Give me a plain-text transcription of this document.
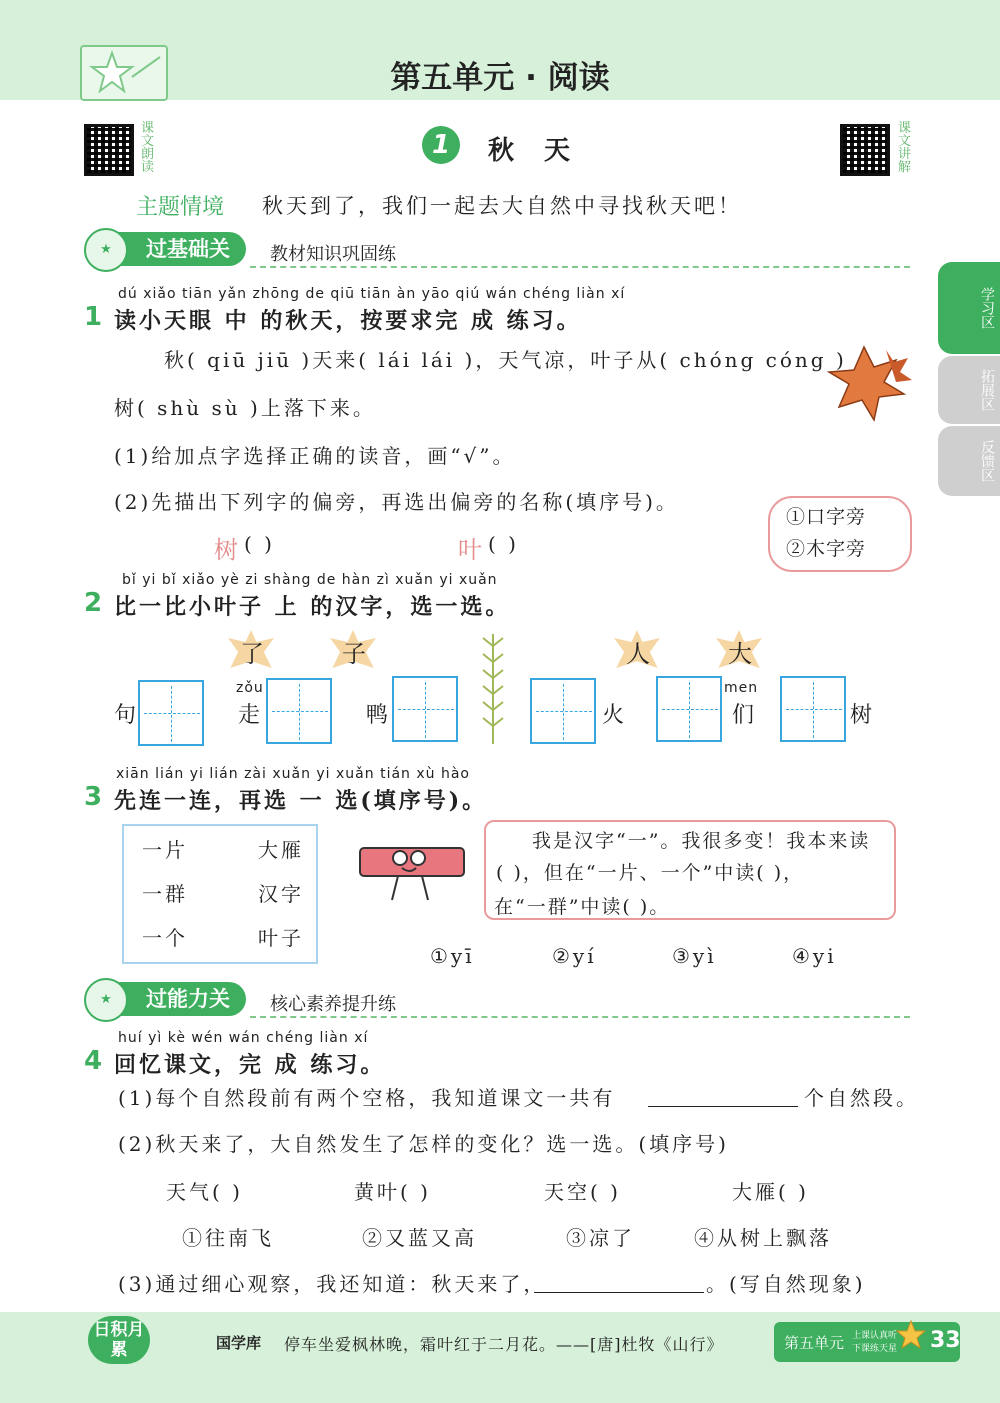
第五单元 · 阅读
课文朗读
课文讲解
1	秋天
主题情境 秋天到了，我们一起去大自然中寻找秋天吧！
学习区
拓展区
反馈区
过基础关
★	教材知识巩固练
dú xiǎo tiān yǎn zhōng de qiū tiān àn yāo qiú wán chéng liàn xí
1 读小天眼 中 的秋天，按要求完 成 练习。
秋( qiū jiū )天来( lái lái )，天气凉，叶子从( chóng cóng )
树( shù sù )上落下来。
(1)给加点字选择正确的读音，画“√”。
(2)先描出下列字的偏旁，再选出偏旁的名称(填序号)。
树 ( )	叶 ( )
①口字旁
②木字旁
bǐ yi bǐ xiǎo yè zi shàng de hàn zì xuǎn yi xuǎn
2 比一比小叶子 上 的汉字，选一选。
了	子	人	大
句
zǒu
走	鸭	火
men
们	树
xiān lián yi lián zài xuǎn yi xuǎn tián xù hào
3 先连一连，再选 一 选(填序号)。
一片
一群
一个
大雁
汉字
叶子
我是汉字“一”。我很多变！我本来读
( )，但在“一片、一个”中读( )，
在“一群”中读( )。
①yī	②yí	③yì	④yi
过能力关
★	核心素养提升练
huí yì kè wén wán chéng liàn xí
4 回忆课文，完 成 练习。
(1)每个自然段前有两个空格，我知道课文一共有	个自然段。
(2)秋天来了，大自然发生了怎样的变化？选一选。(填序号)
天气( )	黄叶( )	天空( )	大雁( )
①往南飞	②又蓝又高	③凉了	④从树上飘落
(3)通过细心观察，我还知道：秋天来了，	。(写自然现象)
日积月累	国学库 停车坐爱枫林晚，霜叶红于二月花。——[唐]杜牧《山行》	第五单元 上课认真听
下课练天星 33
